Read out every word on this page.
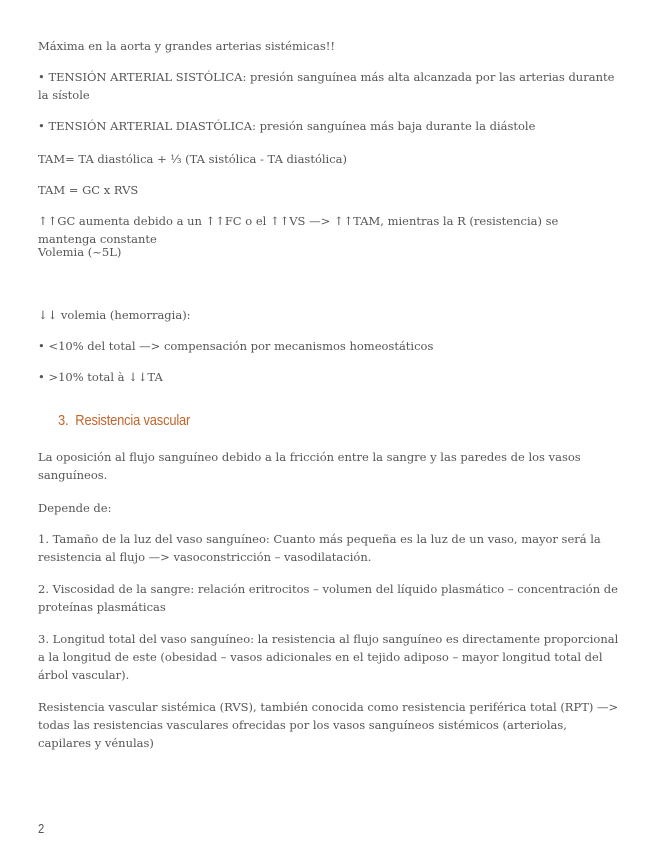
Máxima en la aorta y grandes arterias sistémicas!!

• TENSIÓN ARTERIAL SISTÓLICA: presión sanguínea más alta alcanzada por las arterias durante la sístole

• TENSIÓN ARTERIAL DIASTÓLICA: presión sanguínea más baja durante la diástole

TAM= TA diastólica + ⅓ (TA sistólica - TA diastólica)

TAM = GC x RVS

↑↑GC aumenta debido a un ↑↑FC o el ↑↑VS —> ↑↑TAM, mientras la R (resistencia) se mantenga constante

Volemia (~5L)

↓↓ volemia (hemorragia):

• <10% del total —> compensación por mecanismos homeostáticos

• >10% total à ↓↓TA

3. Resistencia vascular

La oposición al flujo sanguíneo debido a la fricción entre la sangre y las paredes de los vasos sanguíneos.

Depende de:

1. Tamaño de la luz del vaso sanguíneo: Cuanto más pequeña es la luz de un vaso, mayor será la resistencia al flujo —> vasoconstricción – vasodilatación.

2. Viscosidad de la sangre: relación eritrocitos – volumen del líquido plasmático – concentración de proteínas plasmáticas

3. Longitud total del vaso sanguíneo: la resistencia al flujo sanguíneo es directamente proporcional a la longitud de este (obesidad – vasos adicionales en el tejido adiposo – mayor longitud total del árbol vascular).

Resistencia vascular sistémica (RVS), también conocida como resistencia periférica total (RPT) —> todas las resistencias vasculares ofrecidas por los vasos sanguíneos sistémicos (arteriolas, capilares y vénulas)

2
